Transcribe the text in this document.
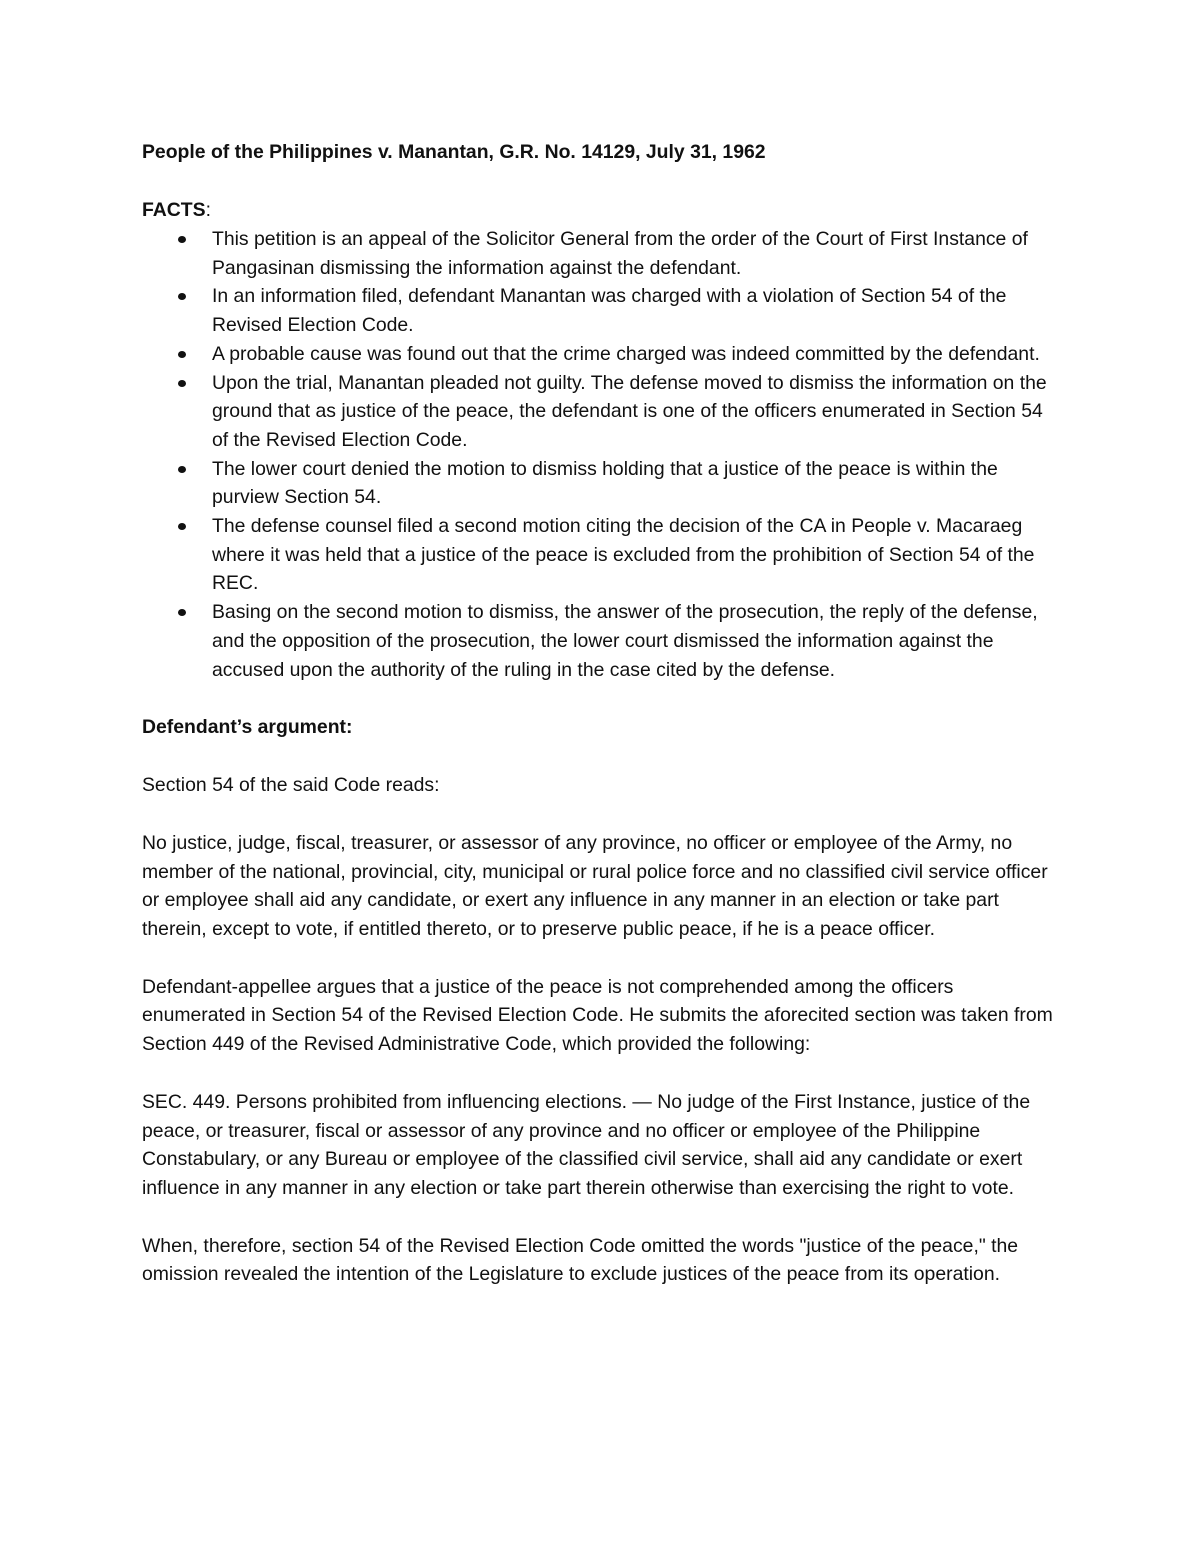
People of the Philippines v. Manantan, G.R. No. 14129, July 31, 1962
FACTS:
This petition is an appeal of the Solicitor General from the order of the Court of First Instance of Pangasinan dismissing the information against the defendant.
In an information filed, defendant Manantan was charged with a violation of Section 54 of the Revised Election Code.
A probable cause was found out that the crime charged was indeed committed by the defendant.
Upon the trial, Manantan pleaded not guilty. The defense moved to dismiss the information on the ground that as justice of the peace, the defendant is one of the officers enumerated in Section 54 of the Revised Election Code.
The lower court denied the motion to dismiss holding that a justice of the peace is within the purview Section 54.
The defense counsel filed a second motion citing the decision of the CA in People v. Macaraeg where it was held that a justice of the peace is excluded from the prohibition of Section 54 of the REC.
Basing on the second motion to dismiss, the answer of the prosecution, the reply of the defense, and the opposition of the prosecution, the lower court dismissed the information against the accused upon the authority of the ruling in the case cited by the defense.
Defendant’s argument:

Section 54 of the said Code reads:

No justice, judge, fiscal, treasurer, or assessor of any province, no officer or employee of the Army, no member of the national, provincial, city, municipal or rural police force and no classified civil service officer or employee shall aid any candidate, or exert any influence in any manner in an election or take part therein, except to vote, if entitled thereto, or to preserve public peace, if he is a peace officer.

Defendant-appellee argues that a justice of the peace is not comprehended among the officers enumerated in Section 54 of the Revised Election Code. He submits the aforecited section was taken from Section 449 of the Revised Administrative Code, which provided the following:

SEC. 449. Persons prohibited from influencing elections. — No judge of the First Instance, justice of the peace, or treasurer, fiscal or assessor of any province and no officer or employee of the Philippine Constabulary, or any Bureau or employee of the classified civil service, shall aid any candidate or exert influence in any manner in any election or take part therein otherwise than exercising the right to vote.

When, therefore, section 54 of the Revised Election Code omitted the words "justice of the peace," the omission revealed the intention of the Legislature to exclude justices of the peace from its operation.
